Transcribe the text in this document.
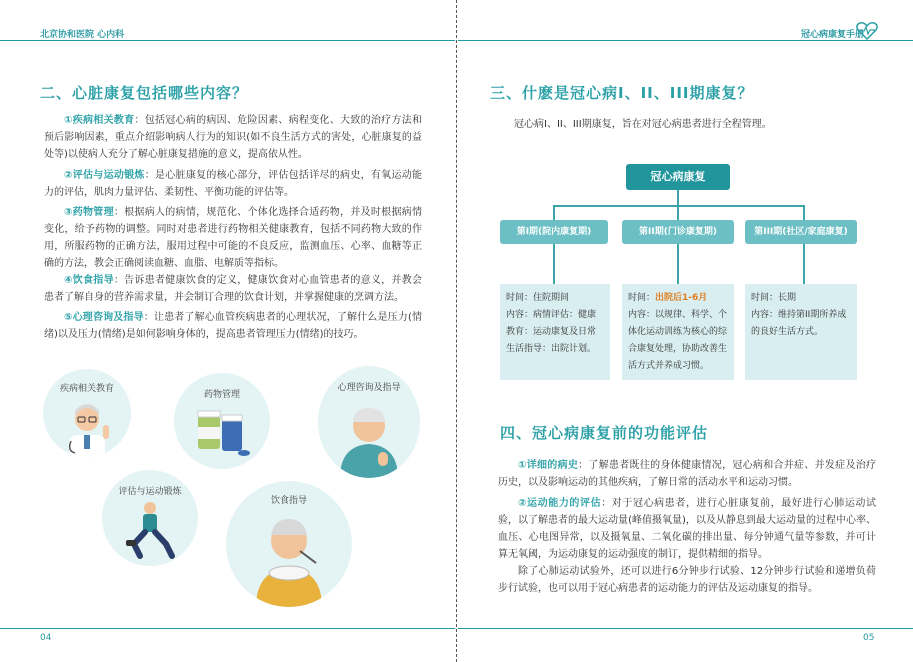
北京协和医院 心内科
二、心脏康复包括哪些内容？
①疾病相关教育：包括冠心病的病因、危险因素、病程变化、大致的治疗方法和预后影响因素，重点介绍影响病人行为的知识(如不良生活方式的害处，心脏康复的益处等)以使病人充分了解心脏康复措施的意义，提高依从性。
②评估与运动锻炼：是心脏康复的核心部分，评估包括详尽的病史，有氧运动能力的评估，肌肉力量评估、柔韧性、平衡功能的评估等。
③药物管理：根据病人的病情，规范化、个体化选择合适药物，并及时根据病情变化，给予药物的调整。同时对患者进行药物相关健康教育，包括不同药物大致的作用，所服药物的正确方法，服用过程中可能的不良反应，监测血压、心率、血糖等正确的方法，教会正确阅读血糖、血脂、电解质等指标。
④饮食指导：告诉患者健康饮食的定义，健康饮食对心血管患者的意义，并教会患者了解自身的营养需求量，并会制订合理的饮食计划，并掌握健康的烹调方法。
⑤心理咨询及指导：让患者了解心血管疾病患者的心理状况，了解什么是压力(情绪)以及压力(情绪)是如何影响身体的，提高患者管理压力(情绪)的技巧。
疾病相关教育
药物管理
心理咨询及指导
评估与运动锻炼
饮食指导
04
冠心病康复手册
三、什麽是冠心病I、II、III期康复？
冠心病I、II、III期康复，旨在对冠心病患者进行全程管理。
冠心病康复
第I期(院内康复期)	第II期(门诊康复期)	第III期(社区/家庭康复)
时间：住院期间
内容：病情评估：健康教育：运动康复及日常生活指导：出院计划。
时间：出院后1-6月
内容：以规律、科学、个体化运动训练为核心的综合康复处理，协助改善生活方式并养成习惯。
时间：长期
内容：维持第II期所养成的良好生活方式。
四、冠心病康复前的功能评估
①详细的病史：了解患者既往的身体健康情况，冠心病和合并症、并发症及治疗历史，以及影响运动的其他疾病，了解日常的活动水平和运动习惯。
②运动能力的评估：对于冠心病患者，进行心脏康复前，最好进行心肺运动试验，以了解患者的最大运动量(峰值摄氧量)，以及从静息到最大运动量的过程中心率、血压、心电图异常，以及摄氧量、二氧化碳的排出量、每分钟通气量等参数，并可计算无氧阈，为运动康复的运动强度的制订，提供精细的指导。
除了心肺运动试验外，还可以进行6分钟步行试验、12分钟步行试验和递增负荷步行试验，也可以用于冠心病患者的运动能力的评估及运动康复的指导。
05
